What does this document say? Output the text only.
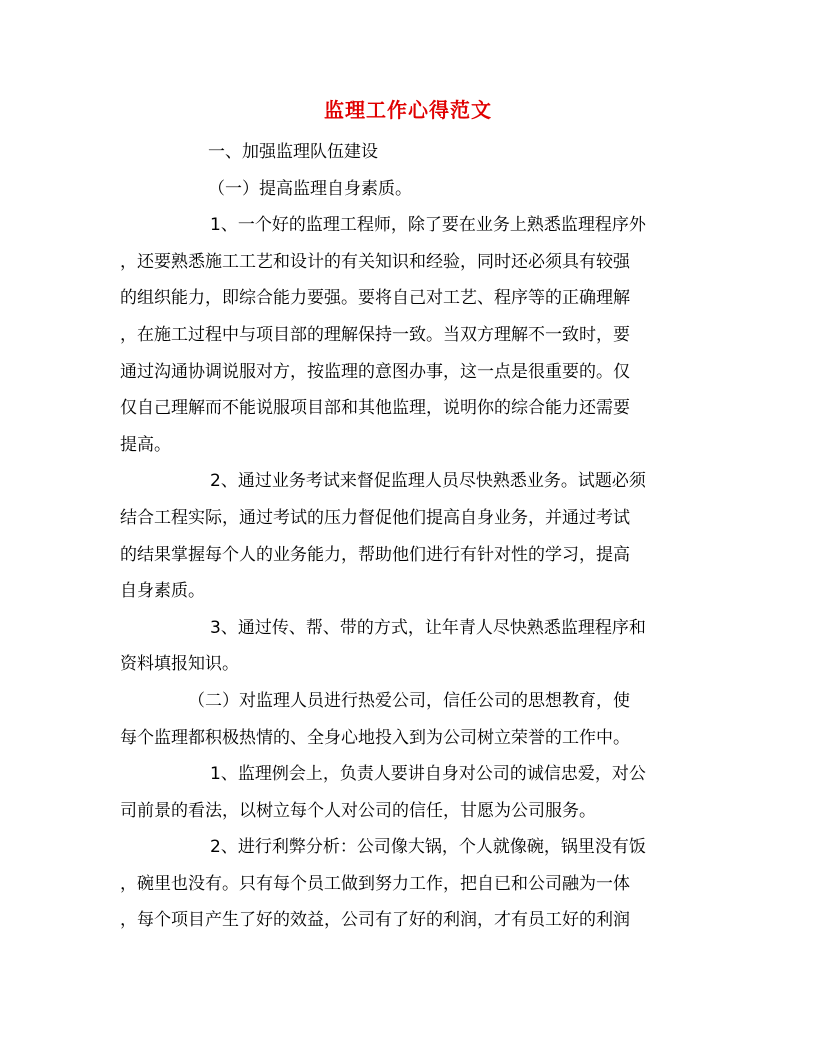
监理工作心得范文
一、加强监理队伍建设
（一）提高监理自身素质。
1、一个好的监理工程师，除了要在业务上熟悉监理程序外
，还要熟悉施工工艺和设计的有关知识和经验，同时还必须具有较强
的组织能力，即综合能力要强。要将自己对工艺、程序等的正确理解
，在施工过程中与项目部的理解保持一致。当双方理解不一致时，要
通过沟通协调说服对方，按监理的意图办事，这一点是很重要的。仅
仅自己理解而不能说服项目部和其他监理，说明你的综合能力还需要
提高。
2、通过业务考试来督促监理人员尽快熟悉业务。试题必须
结合工程实际，通过考试的压力督促他们提高自身业务，并通过考试
的结果掌握每个人的业务能力，帮助他们进行有针对性的学习，提高
自身素质。
3、通过传、帮、带的方式，让年青人尽快熟悉监理程序和
资料填报知识。
（二）对监理人员进行热爱公司，信任公司的思想教育，使
每个监理都积极热情的、全身心地投入到为公司树立荣誉的工作中。
1、监理例会上，负责人要讲自身对公司的诚信忠爱，对公
司前景的看法，以树立每个人对公司的信任，甘愿为公司服务。
2、进行利弊分析：公司像大锅，个人就像碗，锅里没有饭
，碗里也没有。只有每个员工做到努力工作，把自已和公司融为一体
，每个项目产生了好的效益，公司有了好的利润，才有员工好的利润
